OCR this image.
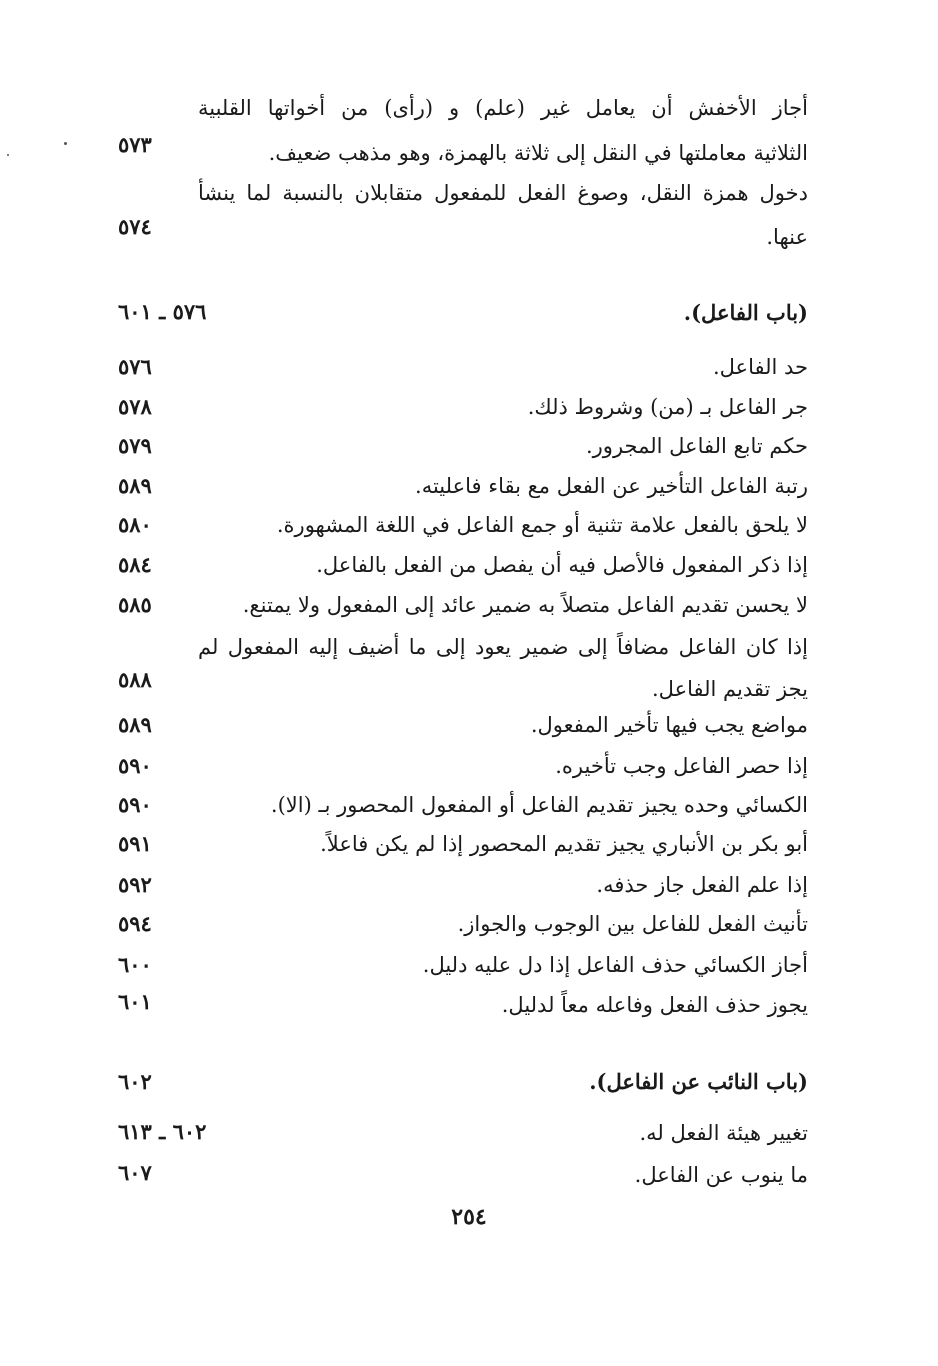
أجاز الأخفش أن يعامل غير (علم) و (رأى) من أخواتها القلبية
الثلاثية معاملتها في النقل إلى ثلاثة بالهمزة، وهو مذهب ضعيف.
٥٧٣
دخول همزة النقل، وصوغ الفعل للمفعول متقابلان بالنسبة لما ينشأ
عنها.
٥٧٤
(باب الفاعل).
٥٧٦ ـ ٦٠١
حد الفاعل.
٥٧٦
جر الفاعل بـ (من) وشروط ذلك.
٥٧٨
حكم تابع الفاعل المجرور.
٥٧٩
رتبة الفاعل التأخير عن الفعل مع بقاء فاعليته.
٥٨٩
لا يلحق بالفعل علامة تثنية أو جمع الفاعل في اللغة المشهورة.
٥٨٠
إذا ذكر المفعول فالأصل فيه أن يفصل من الفعل بالفاعل.
٥٨٤
لا يحسن تقديم الفاعل متصلاً به ضمير عائد إلى المفعول ولا يمتنع.
٥٨٥
إذا كان الفاعل مضافاً إلى ضمير يعود إلى ما أضيف إليه المفعول لم
يجز تقديم الفاعل.
٥٨٨
مواضع يجب فيها تأخير المفعول.
٥٨٩
إذا حصر الفاعل وجب تأخيره.
٥٩٠
الكسائي وحده يجيز تقديم الفاعل أو المفعول المحصور بـ (الا).
٥٩٠
أبو بكر بن الأنباري يجيز تقديم المحصور إذا لم يكن فاعلاً.
٥٩١
إذا علم الفعل جاز حذفه.
٥٩٢
تأنيث الفعل للفاعل بين الوجوب والجواز.
٥٩٤
أجاز الكسائي حذف الفاعل إذا دل عليه دليل.
٦٠٠
يجوز حذف الفعل وفاعله معاً لدليل.
٦٠١
(باب النائب عن الفاعل).
٦٠٢
تغيير هيئة الفعل له.
٦٠٢ ـ ٦١٣
ما ينوب عن الفاعل.
٦٠٧
٢٥٤
